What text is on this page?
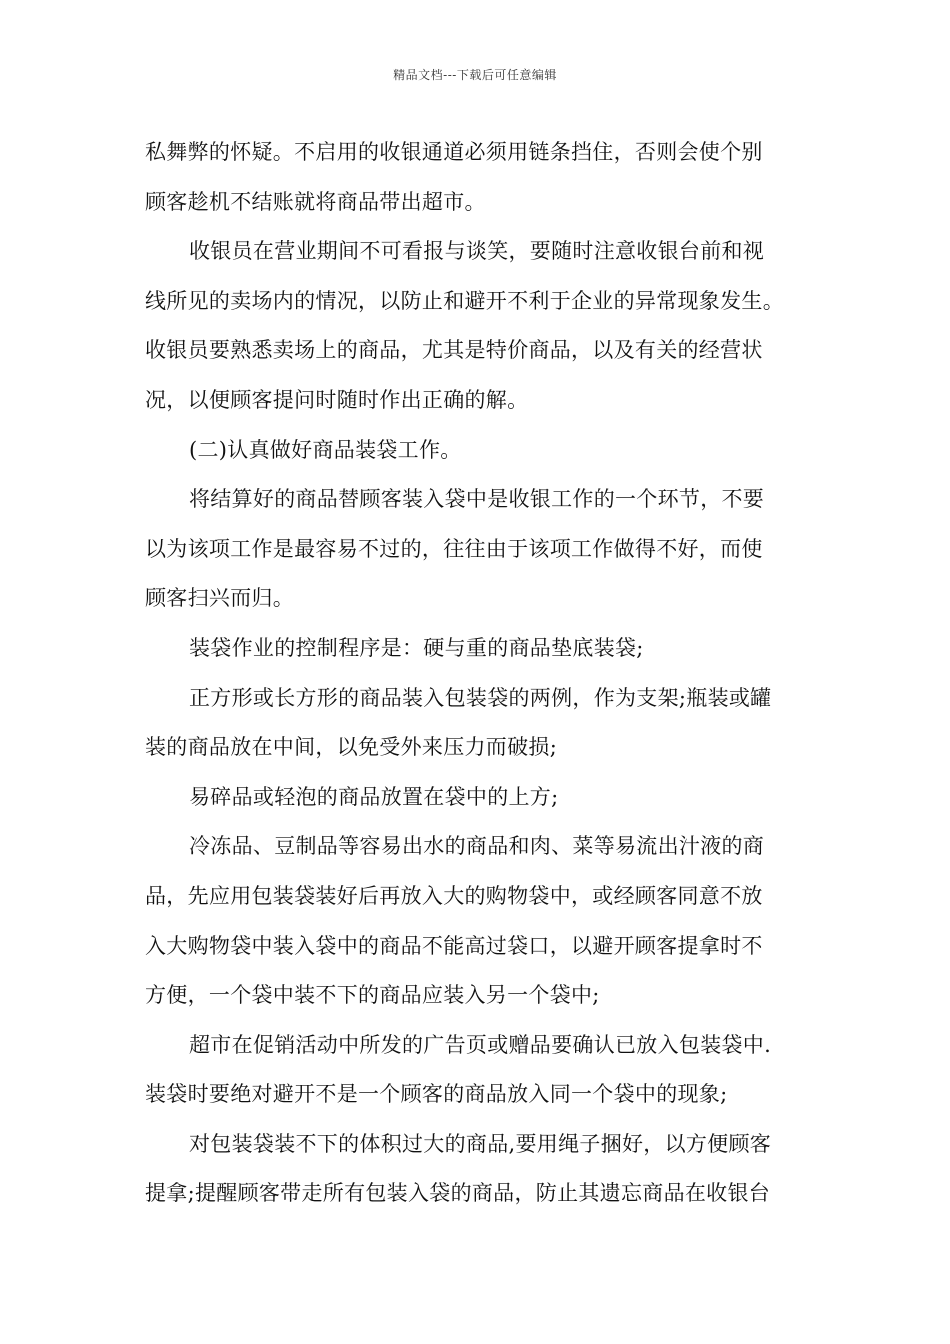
精品文档---下载后可任意编辑
私舞弊的怀疑。不启用的收银通道必须用链条挡住，否则会使个别
顾客趁机不结账就将商品带出超市。
收银员在营业期间不可看报与谈笑，要随时注意收银台前和视
线所见的卖场内的情况，以防止和避开不利于企业的异常现象发生。
收银员要熟悉卖场上的商品，尤其是特价商品，以及有关的经营状
况，以便顾客提问时随时作出正确的解。
(二)认真做好商品装袋工作。
将结算好的商品替顾客装入袋中是收银工作的一个环节，不要
以为该项工作是最容易不过的，往往由于该项工作做得不好，而使
顾客扫兴而归。
装袋作业的控制程序是：硬与重的商品垫底装袋;
正方形或长方形的商品装入包装袋的两例，作为支架;瓶装或罐
装的商品放在中间，以免受外来压力而破损;
易碎品或轻泡的商品放置在袋中的上方;
冷冻品、豆制品等容易出水的商品和肉、菜等易流出汁液的商
品，先应用包装袋装好后再放入大的购物袋中，或经顾客同意不放
入大购物袋中装入袋中的商品不能高过袋口，以避开顾客提拿时不
方便，一个袋中装不下的商品应装入另一个袋中;
超市在促销活动中所发的广告页或赠品要确认已放入包装袋中.
装袋时要绝对避开不是一个顾客的商品放入同一个袋中的现象;
对包装袋装不下的体积过大的商品,要用绳子捆好，以方便顾客
提拿;提醒顾客带走所有包装入袋的商品，防止其遗忘商品在收银台
